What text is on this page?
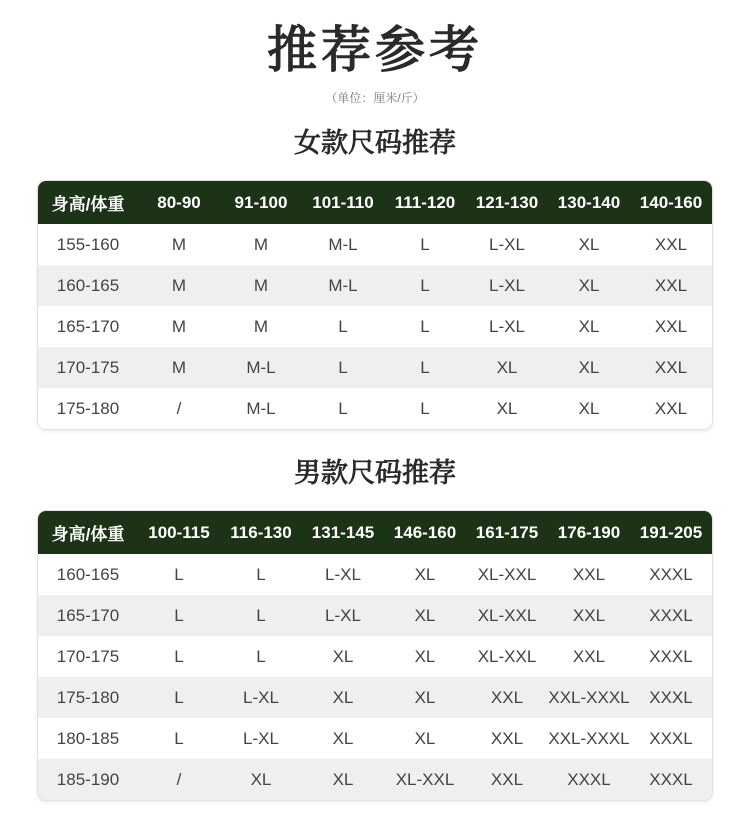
推荐参考
（单位：厘米/斤）
女款尺码推荐
身高/体重	80-90	91-100	101-110	111-120	121-130	130-140	140-160
155-160	M	M	M-L	L	L-XL	XL	XXL
160-165	M	M	M-L	L	L-XL	XL	XXL
165-170	M	M	L	L	L-XL	XL	XXL
170-175	M	M-L	L	L	XL	XL	XXL
175-180	/	M-L	L	L	XL	XL	XXL
男款尺码推荐
身高/体重	100-115	116-130	131-145	146-160	161-175	176-190	191-205
160-165	L	L	L-XL	XL	XL-XXL	XXL	XXXL
165-170	L	L	L-XL	XL	XL-XXL	XXL	XXXL
170-175	L	L	XL	XL	XL-XXL	XXL	XXXL
175-180	L	L-XL	XL	XL	XXL	XXL-XXXL	XXXL
180-185	L	L-XL	XL	XL	XXL	XXL-XXXL	XXXL
185-190	/	XL	XL	XL-XXL	XXL	XXXL	XXXL
